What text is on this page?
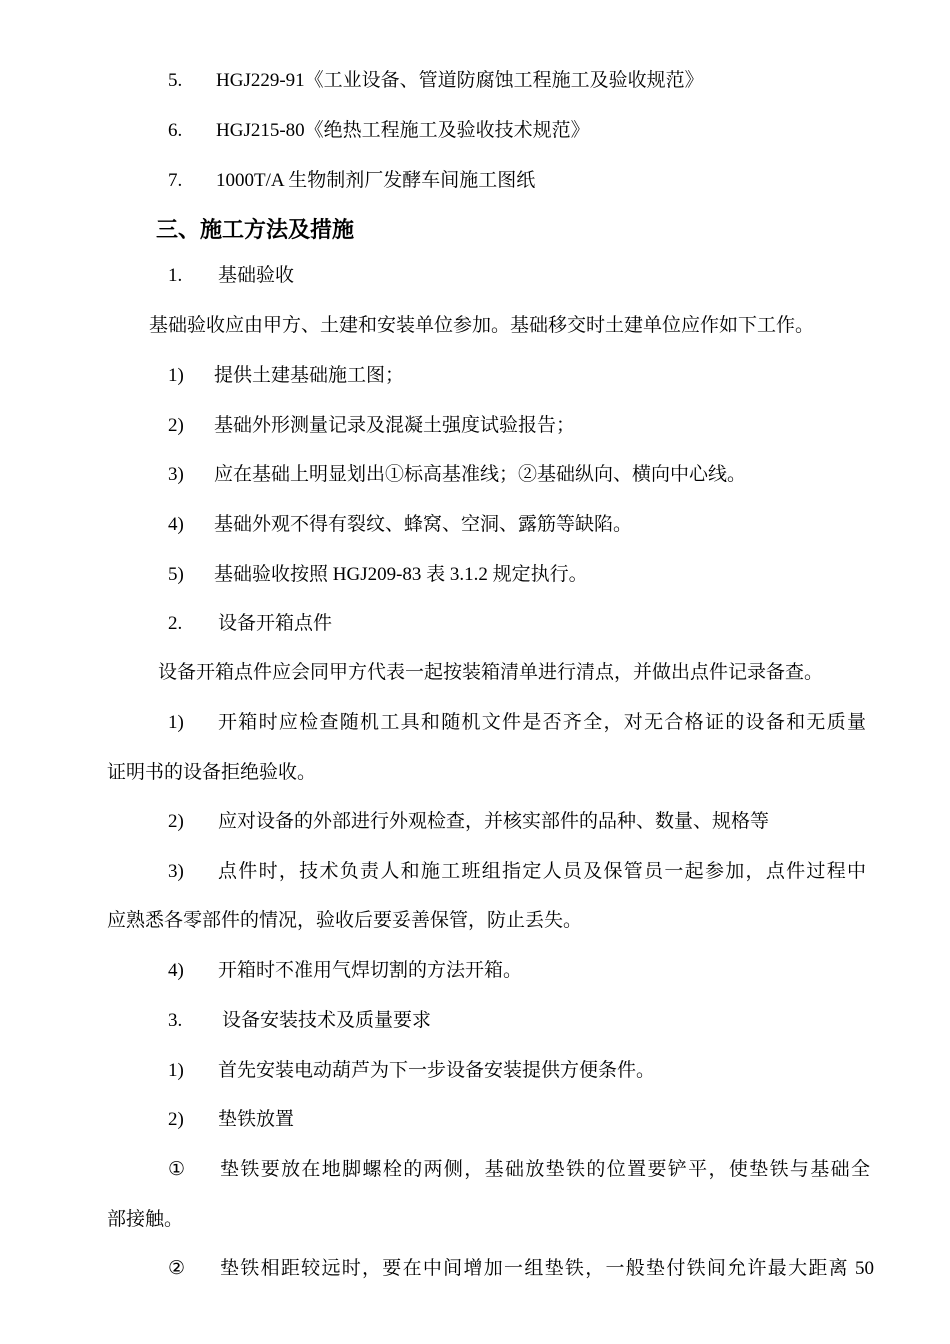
5. HGJ229-91《工业设备、管道防腐蚀工程施工及验收规范》
6. HGJ215-80《绝热工程施工及验收技术规范》
7. 1000T/A 生物制剂厂发酵车间施工图纸
三、施工方法及措施
1. 基础验收
基础验收应由甲方、土建和安装单位参加。基础移交时土建单位应作如下工作。
1) 提供土建基础施工图；
2) 基础外形测量记录及混凝土强度试验报告；
3) 应在基础上明显划出①标高基准线；②基础纵向、横向中心线。
4) 基础外观不得有裂纹、蜂窝、空洞、露筋等缺陷。
5) 基础验收按照 HGJ209-83 表 3.1.2 规定执行。
2. 设备开箱点件
设备开箱点件应会同甲方代表一起按装箱清单进行清点，并做出点件记录备查。
1) 开箱时应检查随机工具和随机文件是否齐全，对无合格证的设备和无质量
证明书的设备拒绝验收。
2) 应对设备的外部进行外观检查，并核实部件的品种、数量、规格等
3) 点件时，技术负责人和施工班组指定人员及保管员一起参加，点件过程中
应熟悉各零部件的情况，验收后要妥善保管，防止丢失。
4) 开箱时不准用气焊切割的方法开箱。
3. 设备安装技术及质量要求
1) 首先安装电动葫芦为下一步设备安装提供方便条件。
2) 垫铁放置
① 垫铁要放在地脚螺栓的两侧，基础放垫铁的位置要铲平，使垫铁与基础全
部接触。
② 垫铁相距较远时，要在中间增加一组垫铁，一般垫付铁间允许最大距离 50
